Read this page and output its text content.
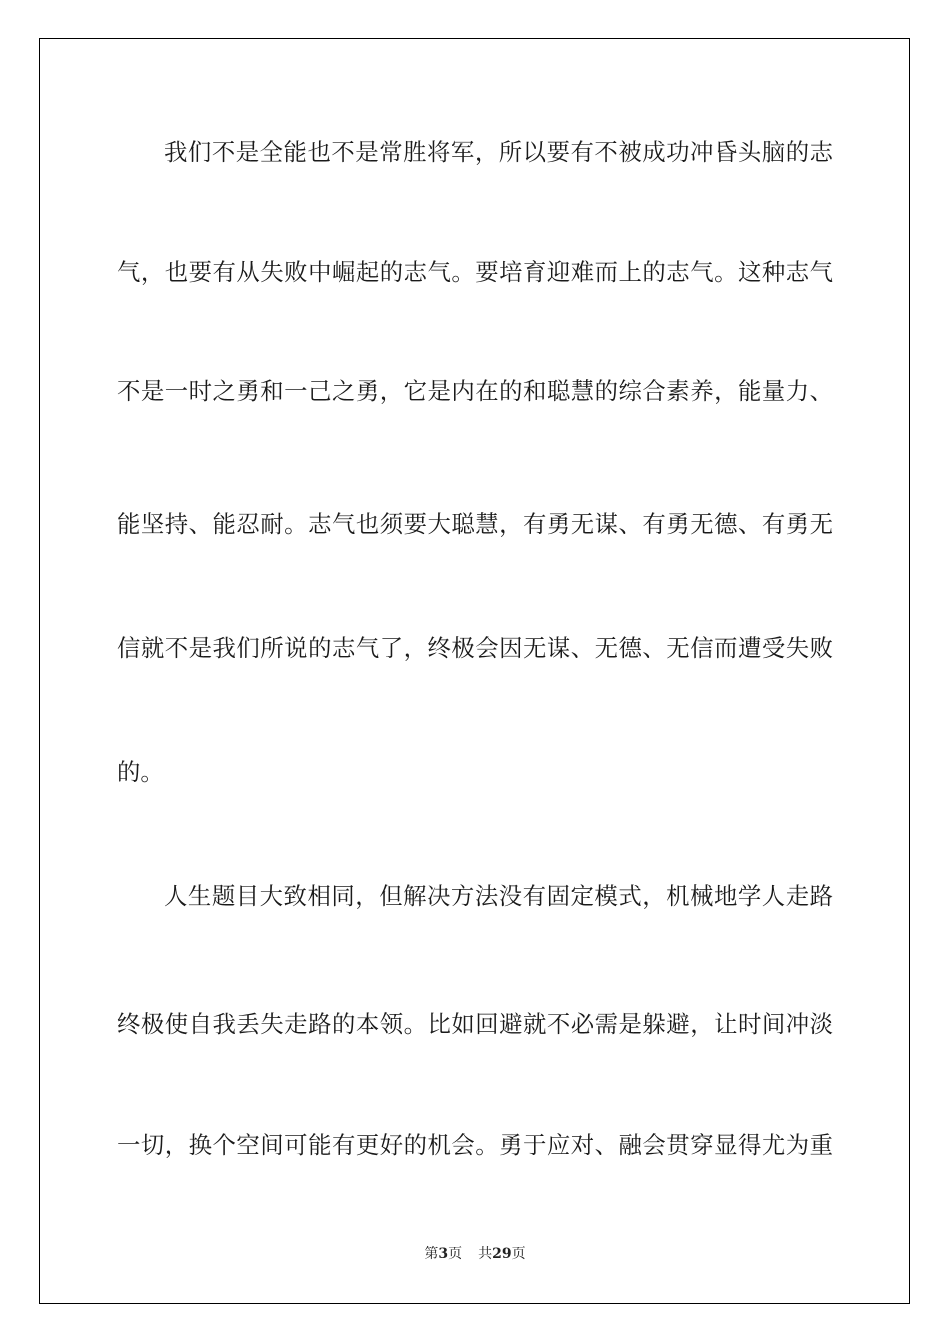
我们不是全能也不是常胜将军，所以要有不被成功冲昏头脑的志
气，也要有从失败中崛起的志气。要培育迎难而上的志气。这种志气
不是一时之勇和一己之勇，它是内在的和聪慧的综合素养，能量力、
能坚持、能忍耐。志气也须要大聪慧，有勇无谋、有勇无德、有勇无
信就不是我们所说的志气了，终极会因无谋、无德、无信而遭受失败
的。
人生题目大致相同，但解决方法没有固定模式，机械地学人走路
终极使自我丢失走路的本领。比如回避就不必需是躲避，让时间冲淡
一切，换个空间可能有更好的机会。勇于应对、融会贯穿显得尤为重
第3页 共29页
